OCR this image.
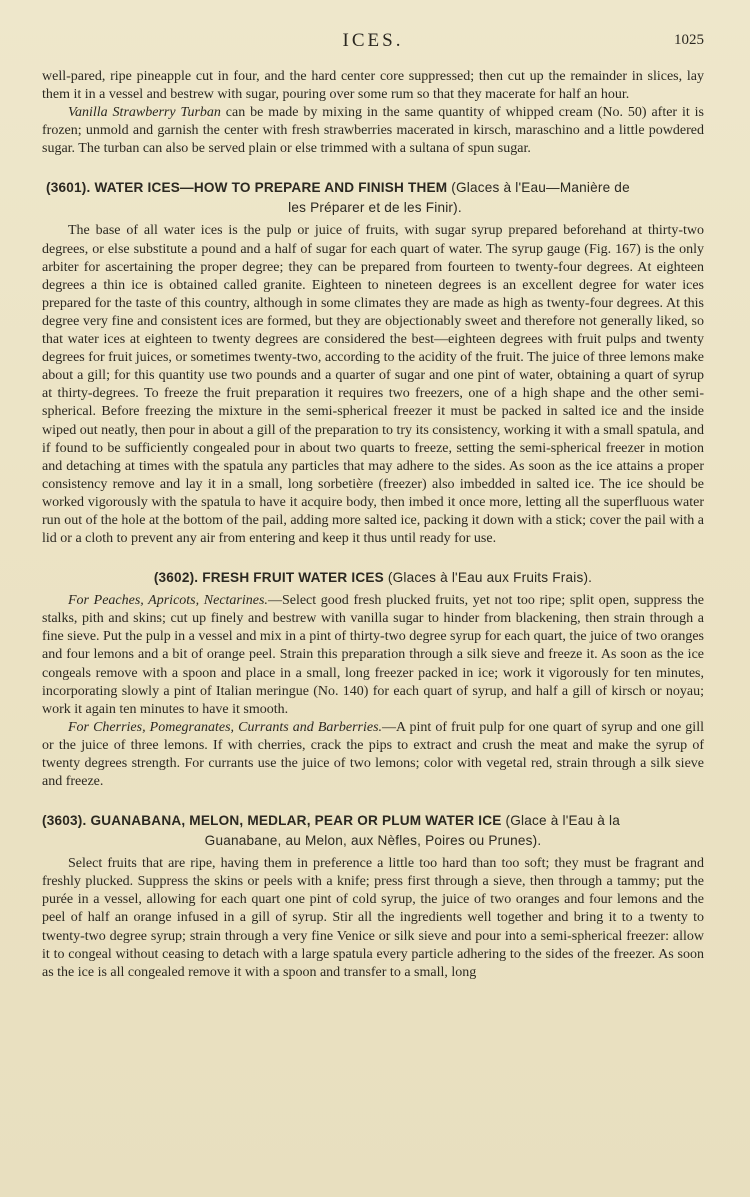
ICES.	1025

well-pared, ripe pineapple cut in four, and the hard center core suppressed; then cut up the remainder in slices, lay them it in a vessel and bestrew with sugar, pouring over some rum so that they macerate for half an hour.

Vanilla Strawberry Turban can be made by mixing in the same quantity of whipped cream (No. 50) after it is frozen; unmold and garnish the center with fresh strawberries macerated in kirsch, maraschino and a little powdered sugar. The turban can also be served plain or else trimmed with a sultana of spun sugar.

(3601). WATER ICES—HOW TO PREPARE AND FINISH THEM (Glaces à l'Eau—Manière de
les Préparer et de les Finir).

The base of all water ices is the pulp or juice of fruits, with sugar syrup prepared beforehand at thirty-two degrees, or else substitute a pound and a half of sugar for each quart of water. The syrup gauge (Fig. 167) is the only arbiter for ascertaining the proper degree; they can be prepared from fourteen to twenty-four degrees. At eighteen degrees a thin ice is obtained called granite. Eighteen to nineteen degrees is an excellent degree for water ices prepared for the taste of this country, although in some climates they are made as high as twenty-four degrees. At this degree very fine and consistent ices are formed, but they are objectionably sweet and therefore not generally liked, so that water ices at eighteen to twenty degrees are considered the best—eighteen degrees with fruit pulps and twenty degrees for fruit juices, or sometimes twenty-two, according to the acidity of the fruit. The juice of three lemons make about a gill; for this quantity use two pounds and a quarter of sugar and one pint of water, obtaining a quart of syrup at thirty-degrees. To freeze the fruit preparation it requires two freezers, one of a high shape and the other semi-spherical. Before freezing the mixture in the semi-spherical freezer it must be packed in salted ice and the inside wiped out neatly, then pour in about a gill of the preparation to try its consistency, working it with a small spatula, and if found to be sufficiently congealed pour in about two quarts to freeze, setting the semi-spherical freezer in motion and detaching at times with the spatula any particles that may adhere to the sides. As soon as the ice attains a proper consistency remove and lay it in a small, long sorbetière (freezer) also imbedded in salted ice. The ice should be worked vigorously with the spatula to have it acquire body, then imbed it once more, letting all the superfluous water run out of the hole at the bottom of the pail, adding more salted ice, packing it down with a stick; cover the pail with a lid or a cloth to prevent any air from entering and keep it thus until ready for use.

(3602). FRESH FRUIT WATER ICES (Glaces à l'Eau aux Fruits Frais).

For Peaches, Apricots, Nectarines.—Select good fresh plucked fruits, yet not too ripe; split open, suppress the stalks, pith and skins; cut up finely and bestrew with vanilla sugar to hinder from blackening, then strain through a fine sieve. Put the pulp in a vessel and mix in a pint of thirty-two degree syrup for each quart, the juice of two oranges and four lemons and a bit of orange peel. Strain this preparation through a silk sieve and freeze it. As soon as the ice congeals remove with a spoon and place in a small, long freezer packed in ice; work it vigorously for ten minutes, incorporating slowly a pint of Italian meringue (No. 140) for each quart of syrup, and half a gill of kirsch or noyau; work it again ten minutes to have it smooth.

For Cherries, Pomegranates, Currants and Barberries.—A pint of fruit pulp for one quart of syrup and one gill or the juice of three lemons. If with cherries, crack the pips to extract and crush the meat and make the syrup of twenty degrees strength. For currants use the juice of two lemons; color with vegetal red, strain through a silk sieve and freeze.

(3603). GUANABANA, MELON, MEDLAR, PEAR OR PLUM WATER ICE (Glace à l'Eau à la
Guanabane, au Melon, aux Nèfles, Poires ou Prunes).

Select fruits that are ripe, having them in preference a little too hard than too soft; they must be fragrant and freshly plucked. Suppress the skins or peels with a knife; press first through a sieve, then through a tammy; put the purée in a vessel, allowing for each quart one pint of cold syrup, the juice of two oranges and four lemons and the peel of half an orange infused in a gill of syrup. Stir all the ingredients well together and bring it to a twenty to twenty-two degree syrup; strain through a very fine Venice or silk sieve and pour into a semi-spherical freezer: allow it to congeal without ceasing to detach with a large spatula every particle adhering to the sides of the freezer. As soon as the ice is all congealed remove it with a spoon and transfer to a small, long
